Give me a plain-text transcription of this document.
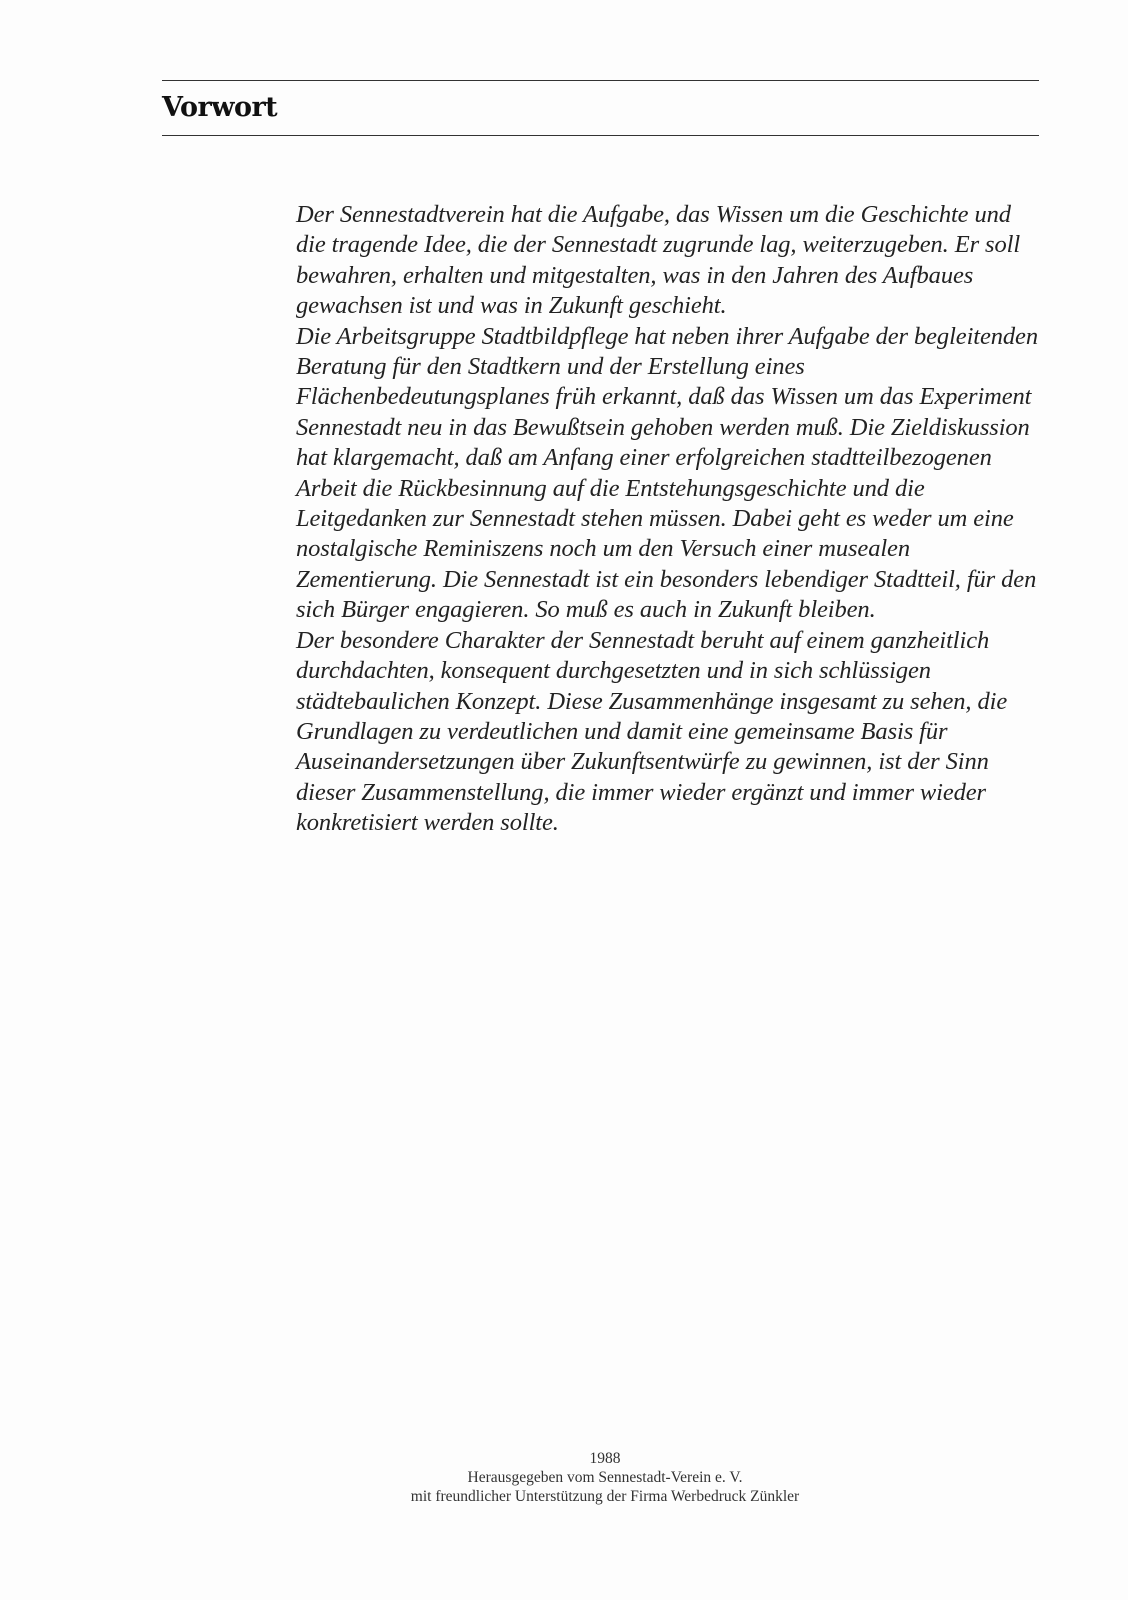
Vorwort

Der Sennestadtverein hat die Aufgabe, das Wissen um die Geschichte und die tragende Idee, die der Sennestadt zugrunde lag, weiterzugeben. Er soll bewahren, erhalten und mitgestalten, was in den Jahren des Aufbaues gewachsen ist und was in Zukunft geschieht.

Die Arbeitsgruppe Stadtbildpflege hat neben ihrer Aufgabe der begleitenden Beratung für den Stadtkern und der Erstellung eines Flächenbedeutungsplanes früh erkannt, daß das Wissen um das Experiment Sennestadt neu in das Bewußtsein gehoben werden muß. Die Zieldiskussion hat klargemacht, daß am Anfang einer erfolgreichen stadtteilbezogenen Arbeit die Rückbesinnung auf die Entstehungsgeschichte und die Leitgedanken zur Sennestadt stehen müssen. Dabei geht es weder um eine nostalgische Reminiszens noch um den Versuch einer musealen Zementierung. Die Sennestadt ist ein besonders lebendiger Stadtteil, für den sich Bürger engagieren. So muß es auch in Zukunft bleiben.

Der besondere Charakter der Sennestadt beruht auf einem ganzheitlich durchdachten, konsequent durchgesetzten und in sich schlüssigen städtebaulichen Konzept. Diese Zusammenhänge insgesamt zu sehen, die Grundlagen zu verdeutlichen und damit eine gemeinsame Basis für Auseinandersetzungen über Zukunftsentwürfe zu gewinnen, ist der Sinn dieser Zusammenstellung, die immer wieder ergänzt und immer wieder konkretisiert werden sollte.

1988
Herausgegeben vom Sennestadt-Verein e. V.
mit freundlicher Unterstützung der Firma Werbedruck Zünkler
